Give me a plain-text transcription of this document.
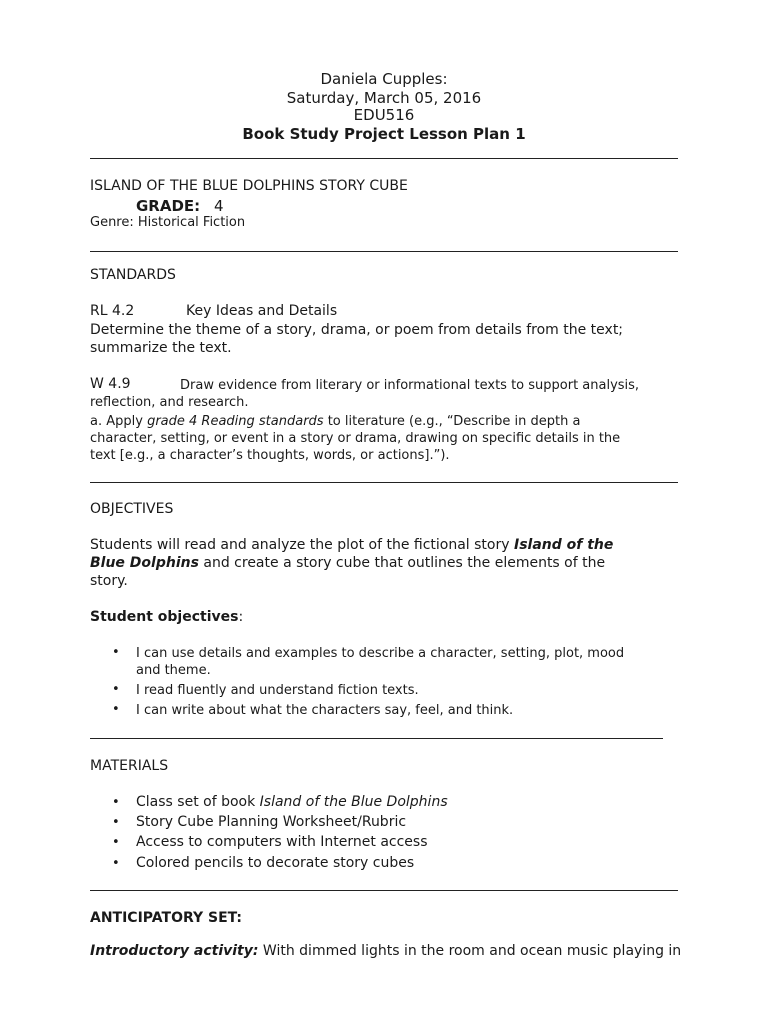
Daniela Cupples:
Saturday, March 05, 2016
EDU516
Book Study Project Lesson Plan 1
ISLAND OF THE BLUE DOLPHINS STORY CUBE
GRADE: 4
Genre: Historical Fiction
STANDARDS
RL 4.2	Key Ideas and Details
Determine the theme of a story, drama, or poem from details from the text;
summarize the text.
W 4.9	Draw evidence from literary or informational texts to support analysis,
reflection, and research.
a. Apply grade 4 Reading standards to literature (e.g., “Describe in depth a
character, setting, or event in a story or drama, drawing on specific details in the
text [e.g., a character’s thoughts, words, or actions].”).
OBJECTIVES
Students will read and analyze the plot of the fictional story Island of the
Blue Dolphins and create a story cube that outlines the elements of the
story.
Student objectives:
• I can use details and examples to describe a character, setting, plot, mood
and theme.
• I read fluently and understand fiction texts.
• I can write about what the characters say, feel, and think.
MATERIALS
• Class set of book Island of the Blue Dolphins
• Story Cube Planning Worksheet/Rubric
• Access to computers with Internet access
• Colored pencils to decorate story cubes
ANTICIPATORY SET:
Introductory activity: With dimmed lights in the room and ocean music playing in
